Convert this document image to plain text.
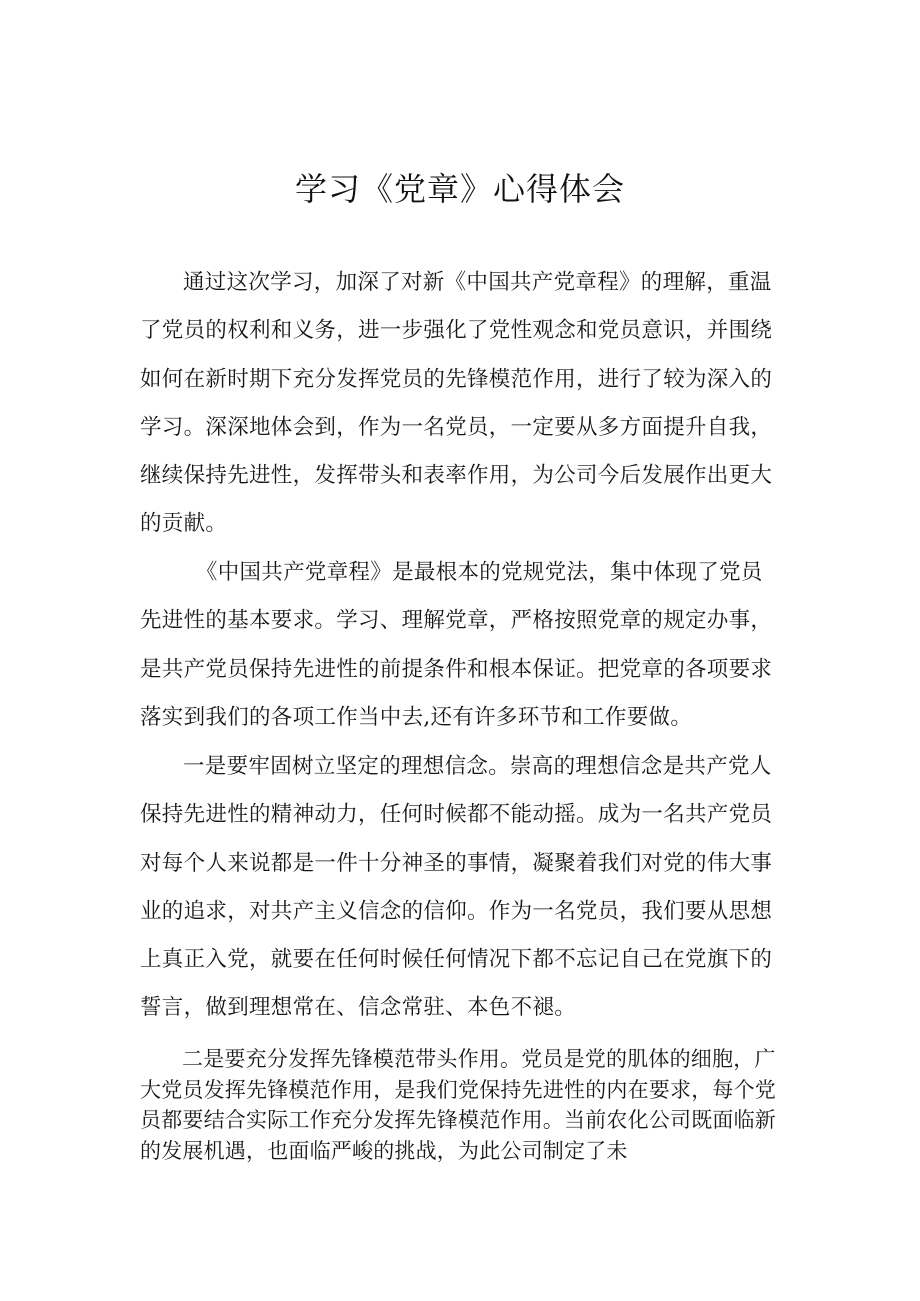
学习《党章》心得体会

通过这次学习，加深了对新《中国共产党章程》的理解，重温了党员的权利和义务，进一步强化了党性观念和党员意识，并围绕如何在新时期下充分发挥党员的先锋模范作用，进行了较为深入的学习。深深地体会到，作为一名党员，一定要从多方面提升自我，继续保持先进性，发挥带头和表率作用，为公司今后发展作出更大的贡献。

《中国共产党章程》是最根本的党规党法，集中体现了党员先进性的基本要求。学习、理解党章，严格按照党章的规定办事，是共产党员保持先进性的前提条件和根本保证。把党章的各项要求落实到我们的各项工作当中去,还有许多环节和工作要做。

一是要牢固树立坚定的理想信念。崇高的理想信念是共产党人保持先进性的精神动力，任何时候都不能动摇。成为一名共产党员对每个人来说都是一件十分神圣的事情，凝聚着我们对党的伟大事业的追求，对共产主义信念的信仰。作为一名党员，我们要从思想上真正入党，就要在任何时候任何情况下都不忘记自己在党旗下的誓言，做到理想常在、信念常驻、本色不褪。

二是要充分发挥先锋模范带头作用。党员是党的肌体的细胞，广大党员发挥先锋模范作用，是我们党保持先进性的内在要求，每个党员都要结合实际工作充分发挥先锋模范作用。当前农化公司既面临新的发展机遇，也面临严峻的挑战，为此公司制定了未
